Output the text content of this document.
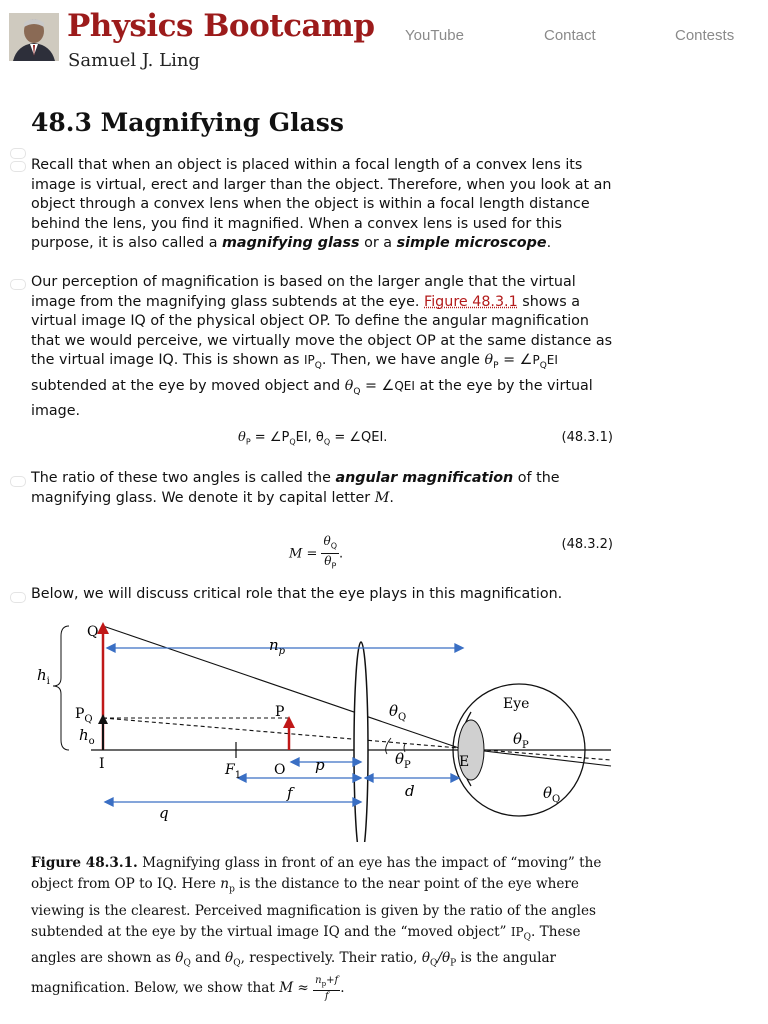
Physics Bootcamp
Samuel J. Ling
YouTube	Contact	Contests
48.3 Magnifying Glass

Recall that when an object is placed within a focal length of a convex lens its image is virtual, erect and larger than the object. Therefore, when you look at an object through a convex lens when the object is within a focal length distance behind the lens, you find it magnified. When a convex lens is used for this purpose, it is also called a magnifying glass or a simple microscope.

Our perception of magnification is based on the larger angle that the virtual image from the magnifying glass subtends at the eye. Figure 48.3.1 shows a virtual image IQ of the physical object OP. To define the angular magnification that we would perceive, we virtually move the object OP at the same distance as the virtual image IQ. This is shown as $IP_Q$. Then, we have angle $\theta_P$ = $\angle P_QEI$ subtended at the eye by moved object and $\theta_Q$ = ∠QEI at the eye by the virtual image.

$\theta_P$ = $\angle P_QEI$, $\theta_Q$ = ∠QEI.	(48.3.1)

The ratio of these two angles is called the angular magnification of the magnifying glass. We denote it by capital letter M.

$M = \frac{\theta_Q}{\theta_P}$ .
(48.3.2)

Below, we will discuss critical role that the eye plays in this magnification.

Q
$n_p$
$h_i$
$P_Q$
$h_o$
P
I	$F_1$ O p
f	d
q
E
Eye
$\theta_Q$
$\theta_P$
$\theta_P$
$\theta_Q$

Figure 48.3.1. Magnifying glass in front of an eye has the impact of “moving” the object from OP to IQ. Here $n_p$ is the distance to the near point of the eye where viewing is the clearest. Perceived magnification is given by the ratio of the angles subtended at the eye by the virtual image IQ and the “moved object” $IP_Q$. These angles are shown as $\theta_Q$ and $\theta_Q$, respectively. Their ratio, $\theta_Q/\theta_P$ is the angular magnification. Below, we show that $M \approx \frac{n_p+f}{f}$ .
